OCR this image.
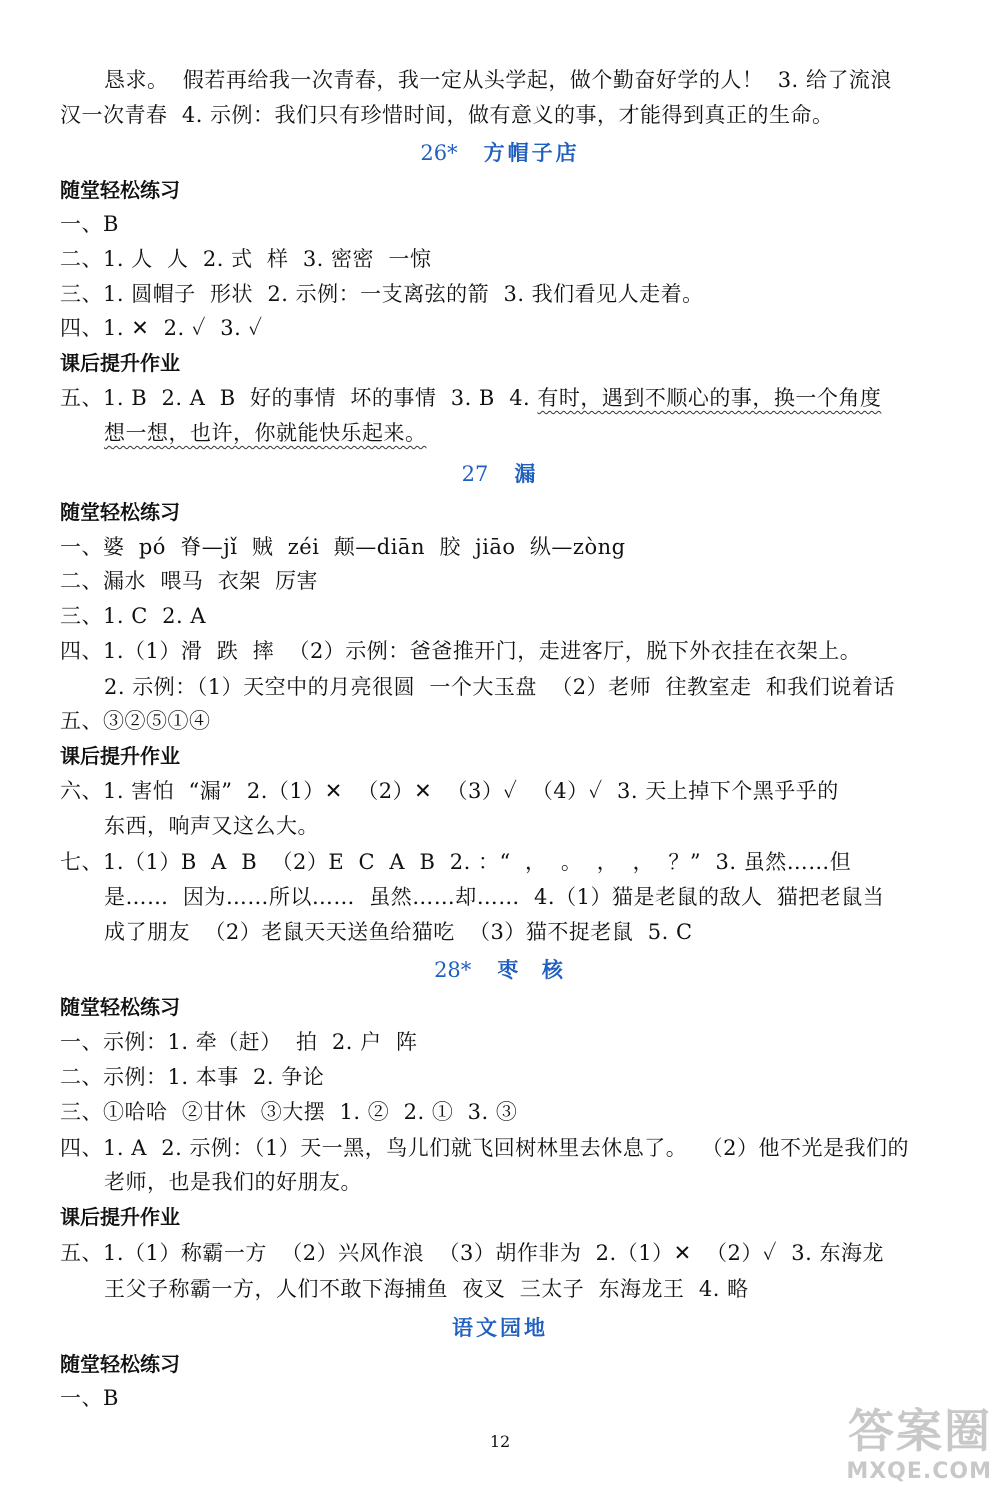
恳求。  假若再给我一次青春，我一定从头学起，做个勤奋好学的人！  3. 给了流浪
汉一次青春  4. 示例：我们只有珍惜时间，做有意义的事，才能得到真正的生命。
26* 方帽子店
随堂轻松练习
一、B
二、1. 人  人  2. 式  样  3. 密密  一惊
三、1. 圆帽子  形状  2. 示例：一支离弦的箭  3. 我们看见人走着。
四、1. ✕  2. ✓  3. ✓
课后提升作业
五、1. B  2. A  B  好的事情  坏的事情  3. B  4. 有时，遇到不顺心的事，换一个角度
想一想，也许，你就能快乐起来。
27 漏
随堂轻松练习
一、婆  pó  脊—jǐ  贼  zéi  颠—diān  胶  jiāo  纵—zòng
二、漏水  喂马  衣架  厉害
三、1. C  2. A
四、1.（1）滑  跌  摔  （2）示例：爸爸推开门，走进客厅，脱下外衣挂在衣架上。
2. 示例：（1）天空中的月亮很圆  一个大玉盘  （2）老师  往教室走  和我们说着话
五、③②⑤①④
课后提升作业
六、1. 害怕  “漏”  2.（1）✕  （2）✕  （3）✓  （4）✓  3. 天上掉下个黑乎乎的
东西，响声又这么大。
七、1.（1）B  A  B  （2）E  C  A  B  2. ：“  ，  。  ，  ，  ？”  3. 虽然……但
是……  因为……所以……  虽然……却……  4.（1）猫是老鼠的敌人  猫把老鼠当
成了朋友  （2）老鼠天天送鱼给猫吃  （3）猫不捉老鼠  5. C
28* 枣  核
随堂轻松练习
一、示例：1. 牵（赶）  拍  2. 户  阵
二、示例：1. 本事  2. 争论
三、①哈哈  ②甘休  ③大摆  1. ②  2. ①  3. ③
四、1. A  2. 示例：（1）天一黑，鸟儿们就飞回树林里去休息了。  （2）他不光是我们的
老师，也是我们的好朋友。
课后提升作业
五、1.（1）称霸一方  （2）兴风作浪  （3）胡作非为  2.（1）✕  （2）✓  3. 东海龙
王父子称霸一方，人们不敢下海捕鱼  夜叉  三太子  东海龙王  4. 略
语文园地
随堂轻松练习
一、B
12	答案圈
MXQE.COM
